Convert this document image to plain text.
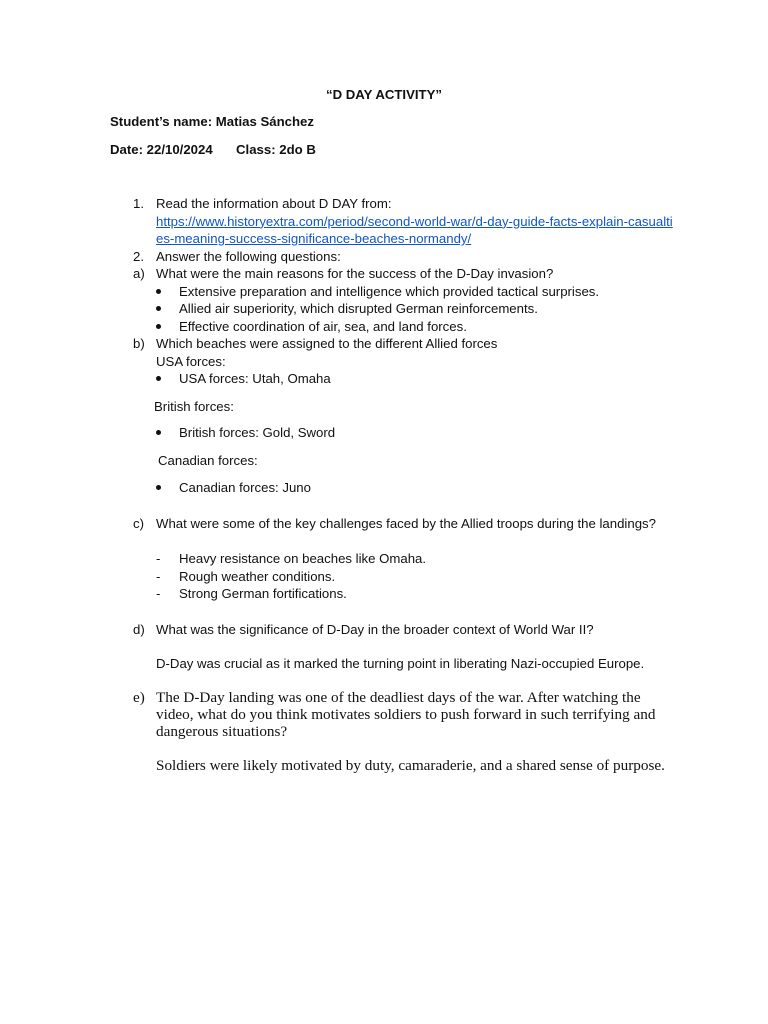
“D DAY ACTIVITY”
Student’s name: Matias Sánchez
Date: 22/10/2024 Class: 2do B
1. Read the information about D DAY from:
https://www.historyextra.com/period/second-world-war/d-day-guide-facts-explain-casualties-meaning-success-significance-beaches-normandy/
2. Answer the following questions:
a) What were the main reasons for the success of the D-Day invasion?
Extensive preparation and intelligence which provided tactical surprises.
Allied air superiority, which disrupted German reinforcements.
Effective coordination of air, sea, and land forces.
b) Which beaches were assigned to the different Allied forces
USA forces:
USA forces: Utah, Omaha
British forces:
British forces: Gold, Sword
Canadian forces:
Canadian forces: Juno
c) What were some of the key challenges faced by the Allied troops during the landings?
- Heavy resistance on beaches like Omaha.
- Rough weather conditions.
- Strong German fortifications.
d) What was the significance of D-Day in the broader context of World War II?
D-Day was crucial as it marked the turning point in liberating Nazi-occupied Europe.
e) The D-Day landing was one of the deadliest days of the war. After watching the video, what do you think motivates soldiers to push forward in such terrifying and dangerous situations?
Soldiers were likely motivated by duty, camaraderie, and a shared sense of purpose.
